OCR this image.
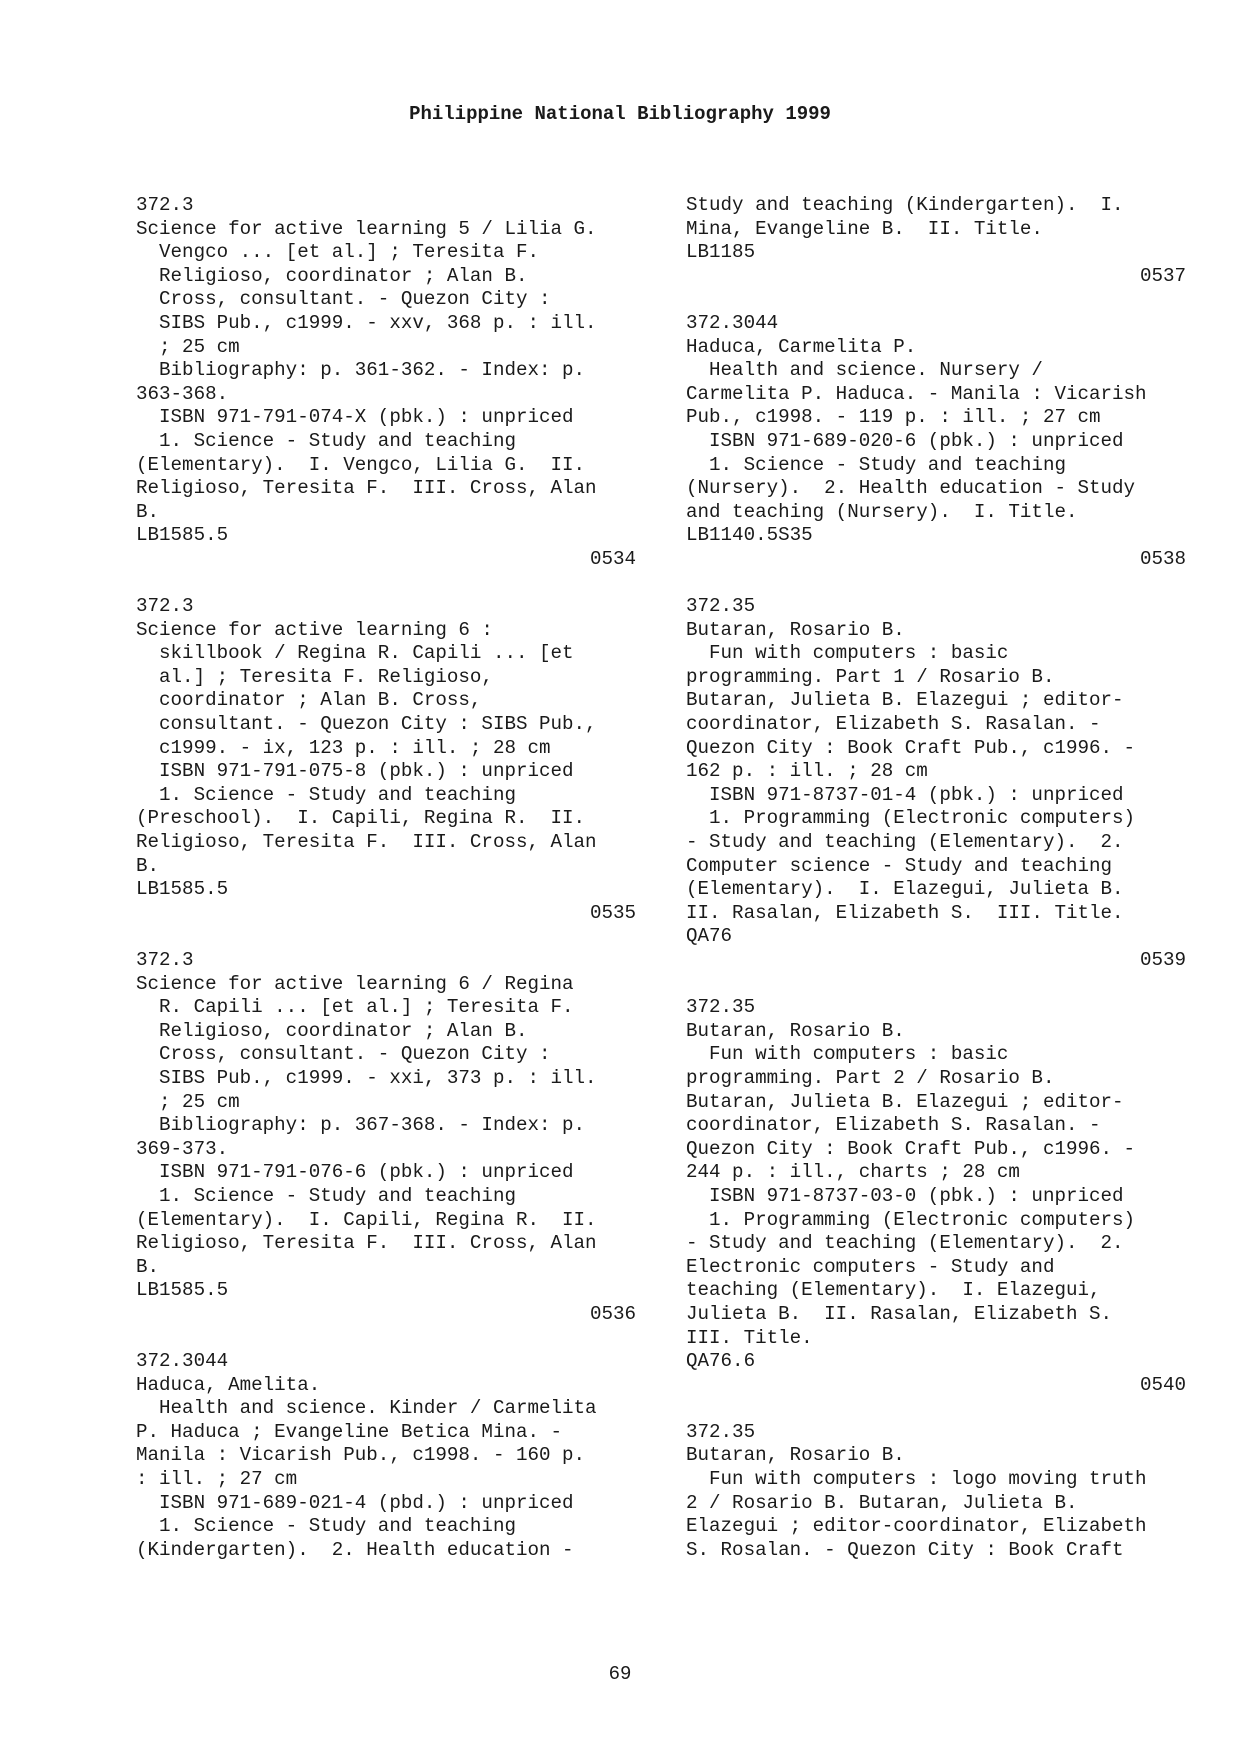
Philippine National Bibliography 1999
372.3
Science for active learning 5 / Lilia G.
Vengco ... [et al.] ; Teresita F.
Religioso, coordinator ; Alan B.
Cross, consultant. - Quezon City :
SIBS Pub., c1999. - xxv, 368 p. : ill.
; 25 cm
Bibliography: p. 361-362. - Index: p.
363-368.
ISBN 971-791-074-X (pbk.) : unpriced
1. Science - Study and teaching
(Elementary).  I. Vengco, Lilia G.  II.
Religioso, Teresita F.  III. Cross, Alan
B.
LB1585.5
0534
372.3
Science for active learning 6 :
skillbook / Regina R. Capili ... [et
al.] ; Teresita F. Religioso,
coordinator ; Alan B. Cross,
consultant. - Quezon City : SIBS Pub.,
c1999. - ix, 123 p. : ill. ; 28 cm
ISBN 971-791-075-8 (pbk.) : unpriced
1. Science - Study and teaching
(Preschool).  I. Capili, Regina R.  II.
Religioso, Teresita F.  III. Cross, Alan
B.
LB1585.5
0535
372.3
Science for active learning 6 / Regina
R. Capili ... [et al.] ; Teresita F.
Religioso, coordinator ; Alan B.
Cross, consultant. - Quezon City :
SIBS Pub., c1999. - xxi, 373 p. : ill.
; 25 cm
Bibliography: p. 367-368. - Index: p.
369-373.
ISBN 971-791-076-6 (pbk.) : unpriced
1. Science - Study and teaching
(Elementary).  I. Capili, Regina R.  II.
Religioso, Teresita F.  III. Cross, Alan
B.
LB1585.5
0536
372.3044
Haduca, Amelita.
Health and science. Kinder / Carmelita
P. Haduca ; Evangeline Betica Mina. -
Manila : Vicarish Pub., c1998. - 160 p.
: ill. ; 27 cm
ISBN 971-689-021-4 (pbd.) : unpriced
1. Science - Study and teaching
(Kindergarten).  2. Health education -
Study and teaching (Kindergarten).  I.
Mina, Evangeline B.  II. Title.
LB1185
0537
372.3044
Haduca, Carmelita P.
Health and science. Nursery /
Carmelita P. Haduca. - Manila : Vicarish
Pub., c1998. - 119 p. : ill. ; 27 cm
ISBN 971-689-020-6 (pbk.) : unpriced
1. Science - Study and teaching
(Nursery).  2. Health education - Study
and teaching (Nursery).  I. Title.
LB1140.5S35
0538
372.35
Butaran, Rosario B.
Fun with computers : basic
programming. Part 1 / Rosario B.
Butaran, Julieta B. Elazegui ; editor-
coordinator, Elizabeth S. Rasalan. -
Quezon City : Book Craft Pub., c1996. -
162 p. : ill. ; 28 cm
ISBN 971-8737-01-4 (pbk.) : unpriced
1. Programming (Electronic computers)
- Study and teaching (Elementary).  2.
Computer science - Study and teaching
(Elementary).  I. Elazegui, Julieta B.
II. Rasalan, Elizabeth S.  III. Title.
QA76
0539
372.35
Butaran, Rosario B.
Fun with computers : basic
programming. Part 2 / Rosario B.
Butaran, Julieta B. Elazegui ; editor-
coordinator, Elizabeth S. Rasalan. -
Quezon City : Book Craft Pub., c1996. -
244 p. : ill., charts ; 28 cm
ISBN 971-8737-03-0 (pbk.) : unpriced
1. Programming (Electronic computers)
- Study and teaching (Elementary).  2.
Electronic computers - Study and
teaching (Elementary).  I. Elazegui,
Julieta B.  II. Rasalan, Elizabeth S.
III. Title.
QA76.6
0540
372.35
Butaran, Rosario B.
Fun with computers : logo moving truth
2 / Rosario B. Butaran, Julieta B.
Elazegui ; editor-coordinator, Elizabeth
S. Rosalan. - Quezon City : Book Craft
69
